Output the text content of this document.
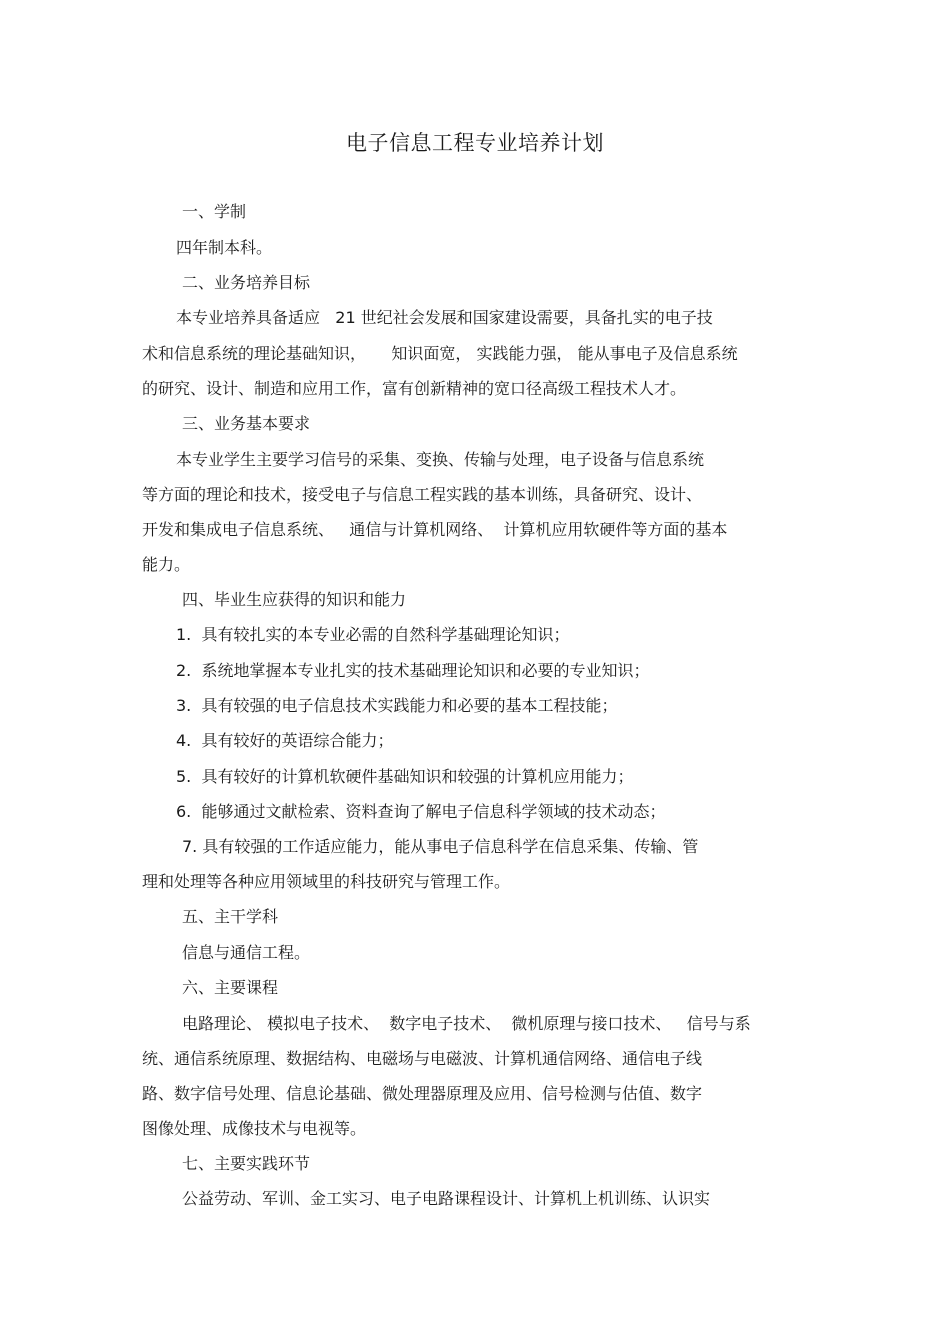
电子信息工程专业培养计划
一、学制
四年制本科。
二、业务培养目标
本专业培养具备适应   21 世纪社会发展和国家建设需要，具备扎实的电子技
术和信息系统的理论基础知识，     知识面宽， 实践能力强， 能从事电子及信息系统
的研究、设计、制造和应用工作，富有创新精神的宽口径高级工程技术人才。
三、业务基本要求
本专业学生主要学习信号的采集、变换、传输与处理，电子设备与信息系统
等方面的理论和技术，接受电子与信息工程实践的基本训练，具备研究、设计、
开发和集成电子信息系统、   通信与计算机网络、  计算机应用软硬件等方面的基本
能力。
四、毕业生应获得的知识和能力
1.  具有较扎实的本专业必需的自然科学基础理论知识；
2.  系统地掌握本专业扎实的技术基础理论知识和必要的专业知识；
3.  具有较强的电子信息技术实践能力和必要的基本工程技能；
4.  具有较好的英语综合能力；
5.  具有较好的计算机软硬件基础知识和较强的计算机应用能力；
6.  能够通过文献检索、资料查询了解电子信息科学领域的技术动态；
7. 具有较强的工作适应能力，能从事电子信息科学在信息采集、传输、管
理和处理等各种应用领域里的科技研究与管理工作。
五、主干学科
信息与通信工程。
六、主要课程
电路理论、 模拟电子技术、  数字电子技术、  微机原理与接口技术、   信号与系
统、通信系统原理、数据结构、电磁场与电磁波、计算机通信网络、通信电子线
路、数字信号处理、信息论基础、微处理器原理及应用、信号检测与估值、数字
图像处理、成像技术与电视等。
七、主要实践环节
公益劳动、军训、金工实习、电子电路课程设计、计算机上机训练、认识实
